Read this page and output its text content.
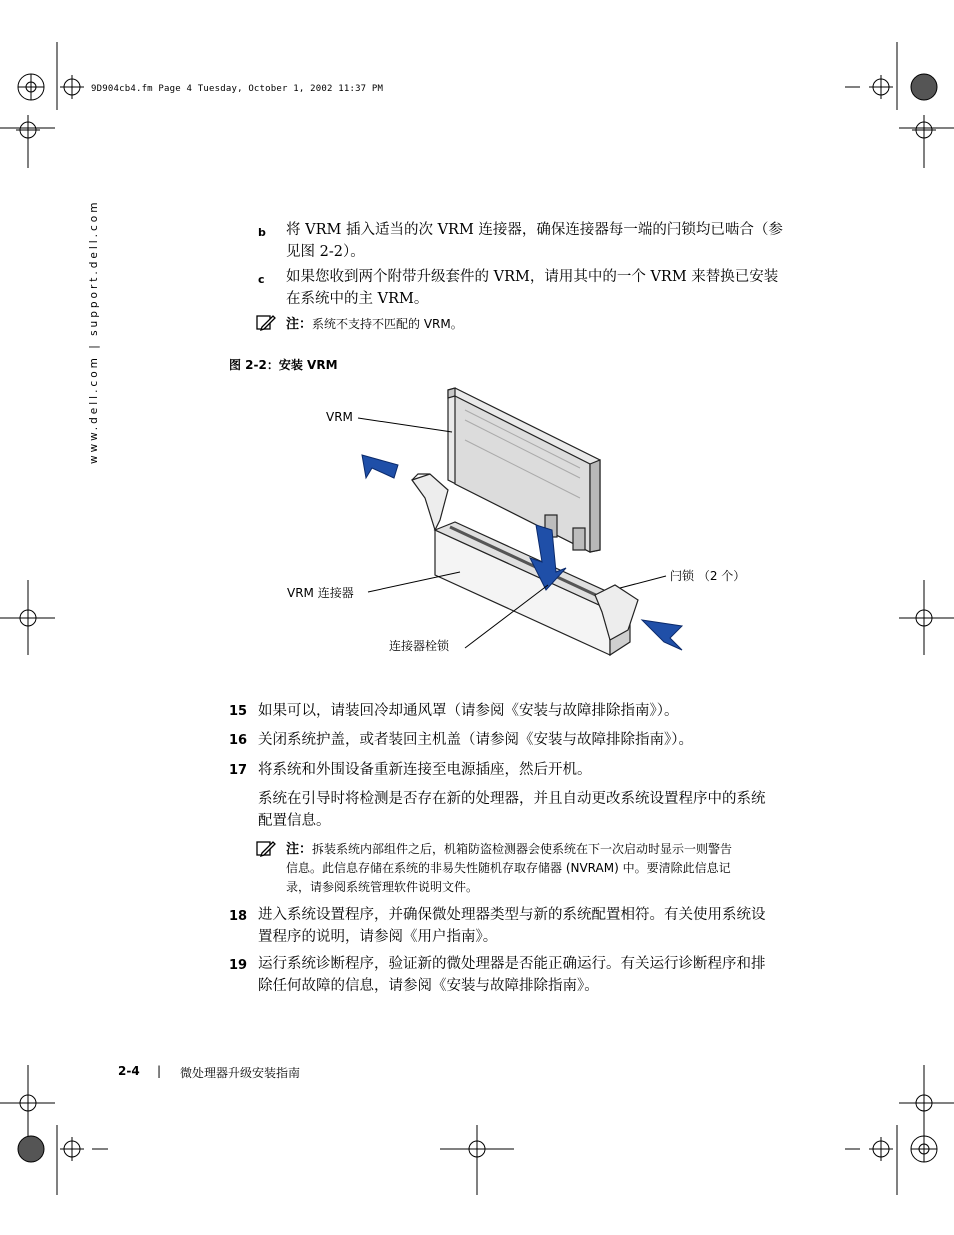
9D904cb4.fm Page 4 Tuesday, October 1, 2002 11:37 PM
www.dell.com | support.dell.com	b 将 VRM 插入适当的次 VRM 连接器，确保连接器每一端的闩锁均已啮合（参
见图 2-2）。
c 如果您收到两个附带升级套件的 VRM，请用其中的一个 VRM 来替换已安装
在系统中的主 VRM。
注：系统不支持不匹配的 VRM。
图 2-2：安装 VRM
VRM
VRM 连接器
连接器栓锁
闩锁 （2 个）
15 如果可以，请装回冷却通风罩（请参阅《安装与故障排除指南》）。
16 关闭系统护盖，或者装回主机盖（请参阅《安装与故障排除指南》）。
17 将系统和外围设备重新连接至电源插座，然后开机。
系统在引导时将检测是否存在新的处理器，并且自动更改系统设置程序中的系统
配置信息。
注：拆装系统内部组件之后，机箱防盗检测器会使系统在下一次启动时显示一则警告
信息。此信息存储在系统的非易失性随机存取存储器 (NVRAM) 中。要清除此信息记
录，请参阅系统管理软件说明文件。
18 进入系统设置程序，并确保微处理器类型与新的系统配置相符。有关使用系统设
置程序的说明，请参阅《用户指南》。
19 运行系统诊断程序，验证新的微处理器是否能正确运行。有关运行诊断程序和排
除任何故障的信息，请参阅《安装与故障排除指南》。
2-4 | 微处理器升级安装指南
